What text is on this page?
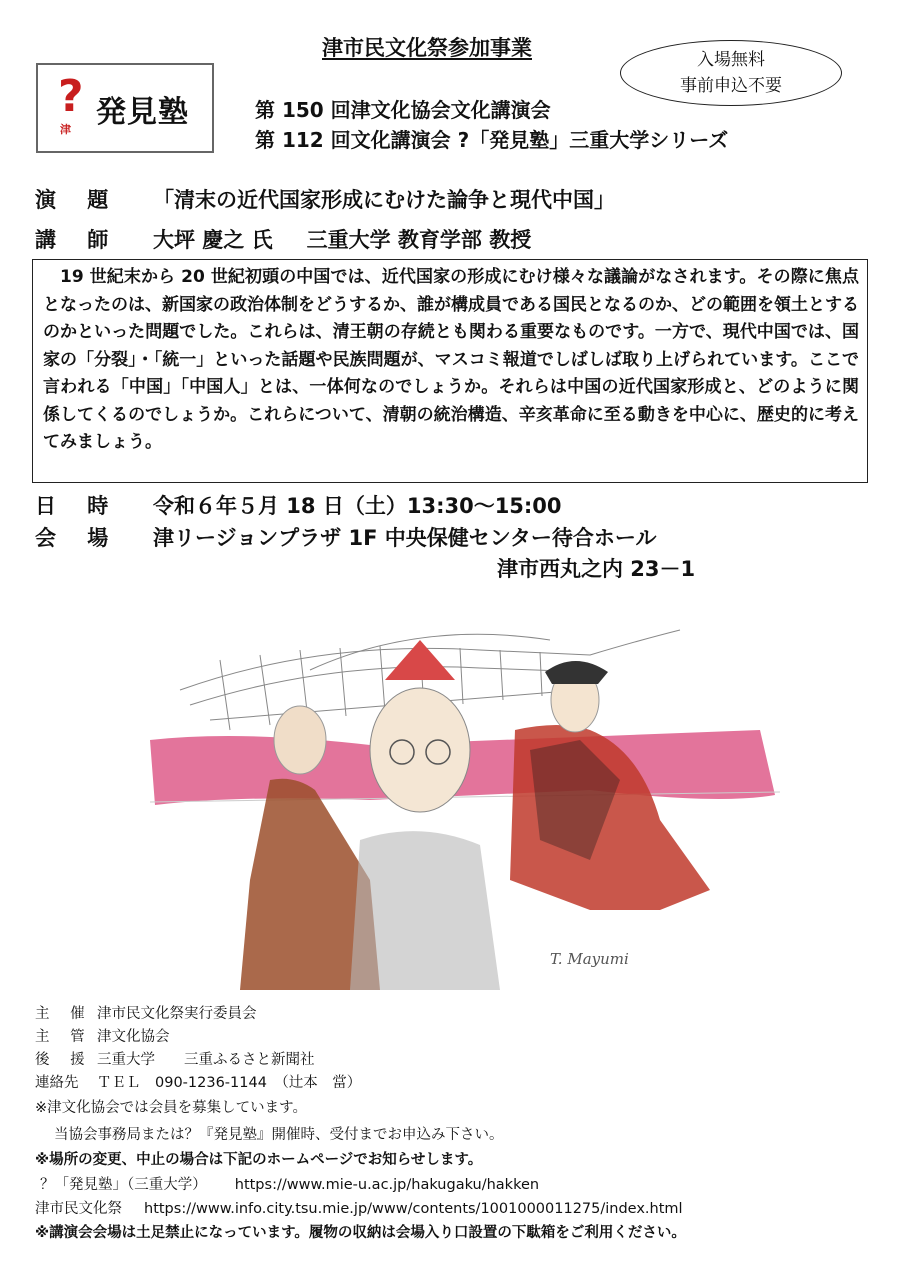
津市民文化祭参加事業	入場無料
事前申込不要
?
津 発見塾	第 150 回津文化協会文化講演会
第 112 回文化講演会 ?「発見塾」三重大学シリーズ
演 題 「清末の近代国家形成にむけた論争と現代中国」
講 師 大坪 慶之 氏 三重大学 教育学部 教授
19 世紀末から 20 世紀初頭の中国では、近代国家の形成にむけ様々な議論がなされます。その際に焦点となったのは、新国家の政治体制をどうするか、誰が構成員である国民となるのか、どの範囲を領土とするのかといった問題でした。これらは、清王朝の存続とも関わる重要なものです。一方で、現代中国では、国家の「分裂」・「統一」といった話題や民族問題が、マスコミ報道でしばしば取り上げられています。ここで言われる「中国」「中国人」とは、一体何なのでしょうか。それらは中国の近代国家形成と、どのように関係してくるのでしょうか。これらについて、清朝の統治構造、辛亥革命に至る動きを中心に、歴史的に考えてみましょう。
日 時 令和６年５月 18 日（土）13:30～15:00
会 場 津リージョンプラザ 1F 中央保健センター待合ホール
津市西丸之内 23－1
T. Mayumi
主 催 津市民文化祭実行委員会
主 管 津文化協会
後 援 三重大学　　三重ふるさと新聞社
連絡先 ＴＥＬ　090-1236-1144　（辻本　當）
※津文化協会では会員を募集しています。
当協会事務局または？『発見塾』開催時、受付までお申込み下さい。
※場所の変更、中止の場合は下記のホームページでお知らせします。
？「発見塾」（三重大学） https://www.mie-u.ac.jp/hakugaku/hakken
津市民文化祭 https://www.info.city.tsu.mie.jp/www/contents/1001000011275/index.html
※講演会会場は土足禁止になっています。履物の収納は会場入り口設置の下駄箱をご利用ください。
